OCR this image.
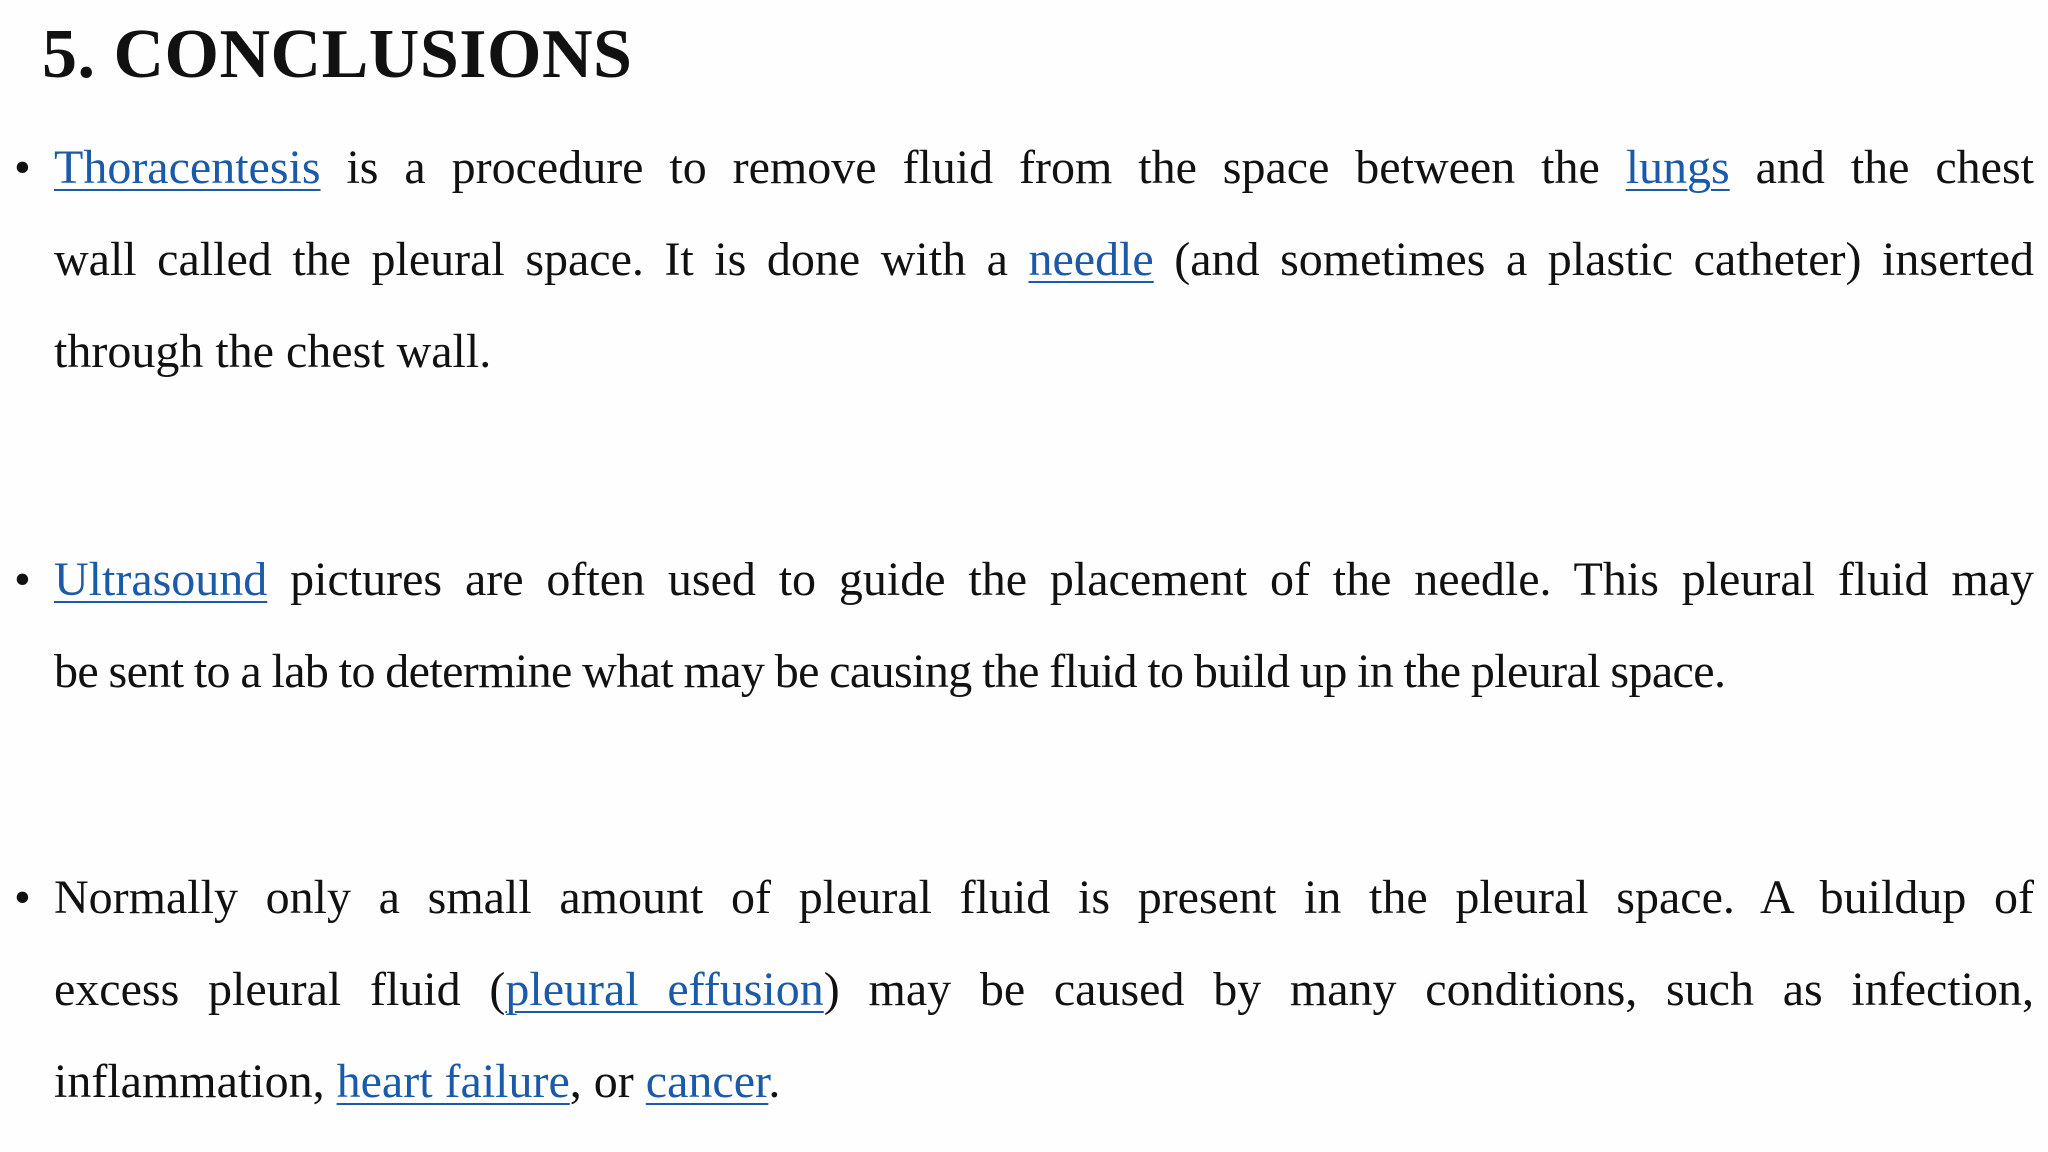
5. CONCLUSIONS
• Thoracentesis is a procedure to remove fluid from the space between the lungs and the chest
wall called the pleural space. It is done with a needle (and sometimes a plastic catheter) inserted
through the chest wall.

• Ultrasound pictures are often used to guide the placement of the needle. This pleural fluid may
be sent to a lab to determine what may be causing the fluid to build up in the pleural space.

• Normally only a small amount of pleural fluid is present in the pleural space. A buildup of
excess pleural fluid (pleural effusion) may be caused by many conditions, such as infection,
inflammation, heart failure, or cancer.
